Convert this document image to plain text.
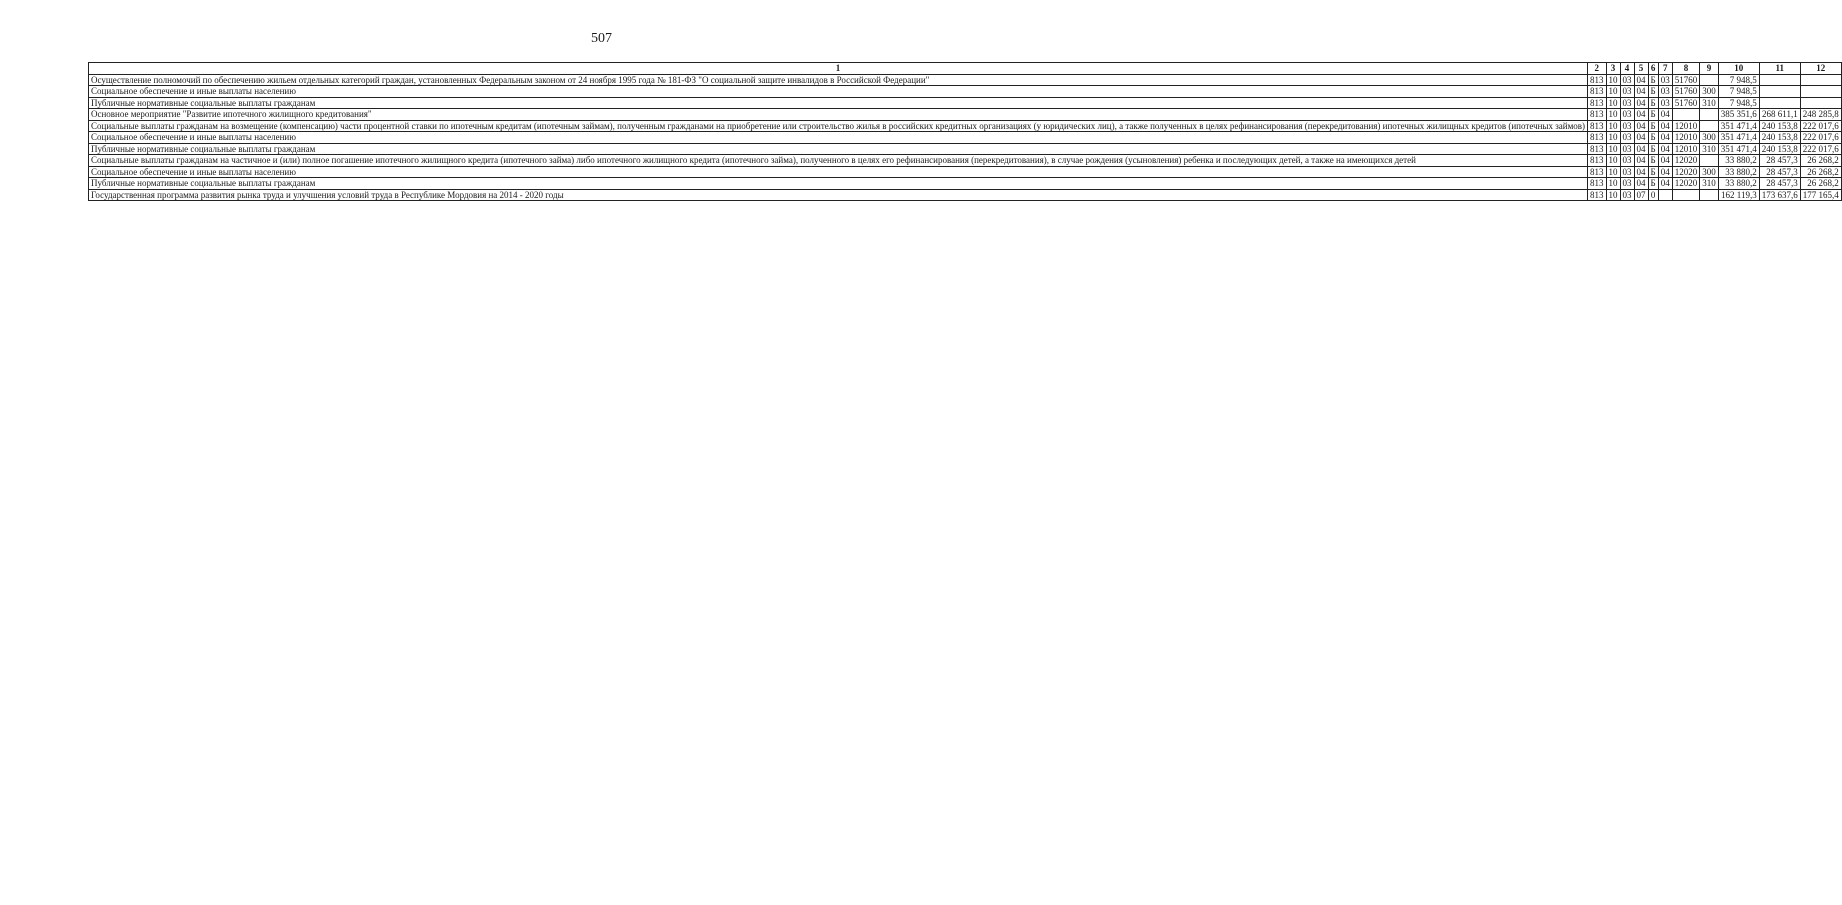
507
1	2	3	4	5	6	7	8	9	10	11	12
Осуществление полномочий по обеспечению жильем отдельных категорий граждан, установленных Федеральным законом от 24 ноября 1995 года № 181-ФЗ "О социальной защите инвалидов в Российской Федерации"	813	10	03	04	Б	03	51760		7 948,5		
Социальное обеспечение и иные выплаты населению	813	10	03	04	Б	03	51760	300	7 948,5		
Публичные нормативные социальные выплаты гражданам	813	10	03	04	Б	03	51760	310	7 948,5		
Основное мероприятие "Развитие ипотечного жилищного кредитования"	813	10	03	04	Б	04			385 351,6	268 611,1	248 285,8
Социальные выплаты гражданам на возмещение (компенсацию) части процентной ставки по ипотечным кредитам (ипотечным займам), полученным гражданами на приобретение или строительство жилья в российских кредитных организациях (у юридических лиц), а также полученных в целях рефинансирования (перекредитования) ипотечных жилищных кредитов (ипотечных займов)	813	10	03	04	Б	04	12010		351 471,4	240 153,8	222 017,6
Социальное обеспечение и иные выплаты населению	813	10	03	04	Б	04	12010	300	351 471,4	240 153,8	222 017,6
Публичные нормативные социальные выплаты гражданам	813	10	03	04	Б	04	12010	310	351 471,4	240 153,8	222 017,6
Социальные выплаты гражданам на частичное и (или) полное погашение ипотечного жилищного кредита (ипотечного займа) либо ипотечного жилищного кредита (ипотечного займа), полученного в целях его рефинансирования (перекредитования), в случае рождения (усыновления) ребенка и последующих детей, а также на имеющихся детей	813	10	03	04	Б	04	12020		33 880,2	28 457,3	26 268,2
Социальное обеспечение и иные выплаты населению	813	10	03	04	Б	04	12020	300	33 880,2	28 457,3	26 268,2
Публичные нормативные социальные выплаты гражданам	813	10	03	04	Б	04	12020	310	33 880,2	28 457,3	26 268,2
Государственная программа развития рынка труда и улучшения условий труда в Республике Мордовия на 2014 - 2020 годы	813	10	03	07	0				162 119,3	173 637,6	177 165,4
